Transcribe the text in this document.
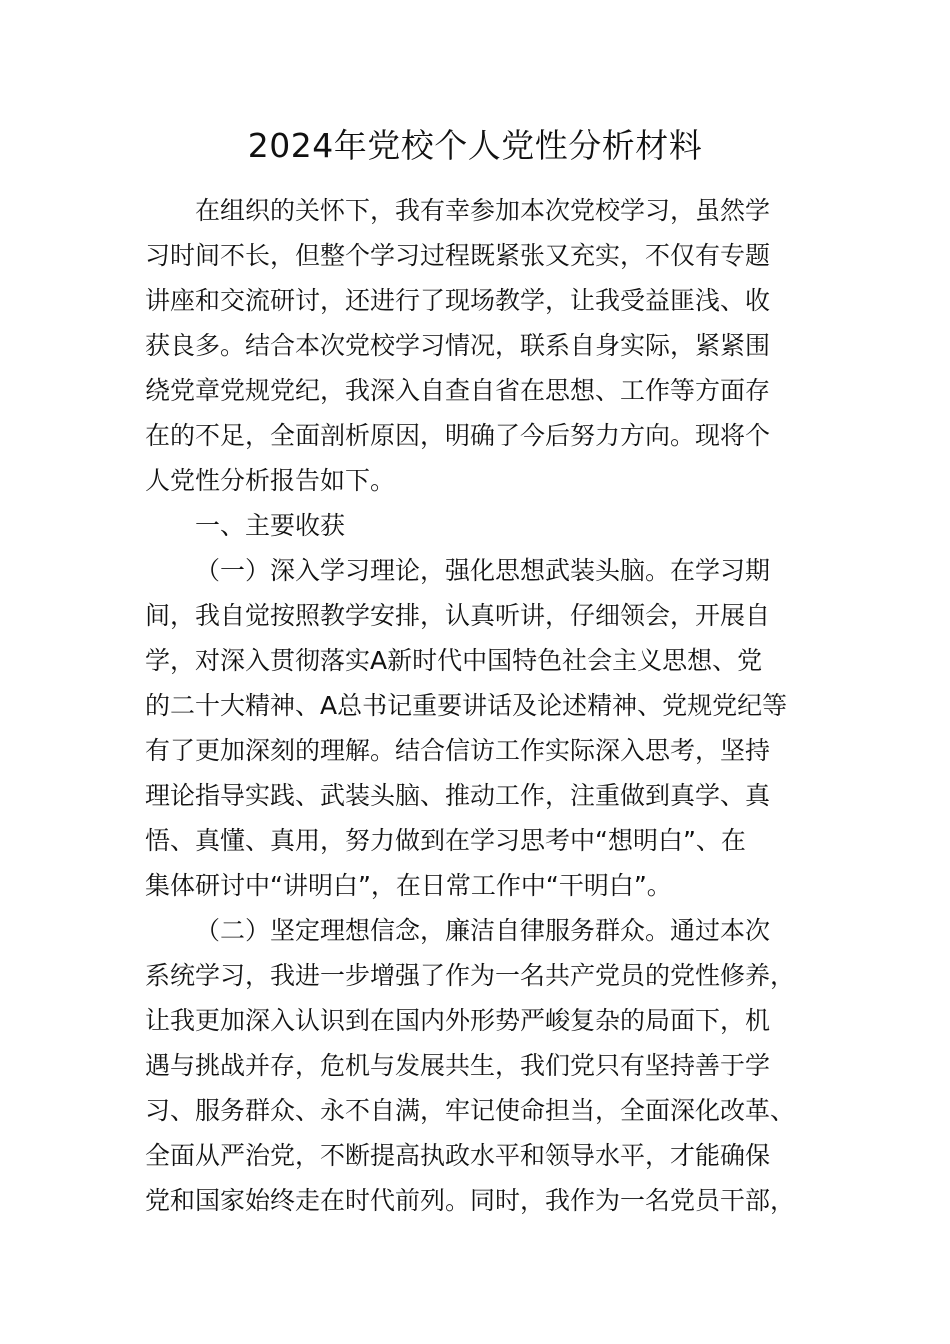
2024年党校个人党性分析材料
在组织的关怀下，我有幸参加本次党校学习，虽然学
习时间不长，但整个学习过程既紧张又充实，不仅有专题
讲座和交流研讨，还进行了现场教学，让我受益匪浅、收
获良多。结合本次党校学习情况，联系自身实际，紧紧围
绕党章党规党纪，我深入自查自省在思想、工作等方面存
在的不足，全面剖析原因，明确了今后努力方向。现将个
人党性分析报告如下。
一、主要收获
（一）深入学习理论，强化思想武装头脑。在学习期
间，我自觉按照教学安排，认真听讲，仔细领会，开展自
学，对深入贯彻落实A新时代中国特色社会主义思想、党
的二十大精神、A总书记重要讲话及论述精神、党规党纪等
有了更加深刻的理解。结合信访工作实际深入思考，坚持
理论指导实践、武装头脑、推动工作，注重做到真学、真
悟、真懂、真用，努力做到在学习思考中“想明白”、在
集体研讨中“讲明白”，在日常工作中“干明白”。
（二）坚定理想信念，廉洁自律服务群众。通过本次
系统学习，我进一步增强了作为一名共产党员的党性修养，
让我更加深入认识到在国内外形势严峻复杂的局面下，机
遇与挑战并存，危机与发展共生，我们党只有坚持善于学
习、服务群众、永不自满，牢记使命担当，全面深化改革、
全面从严治党，不断提高执政水平和领导水平，才能确保
党和国家始终走在时代前列。同时，我作为一名党员干部，
